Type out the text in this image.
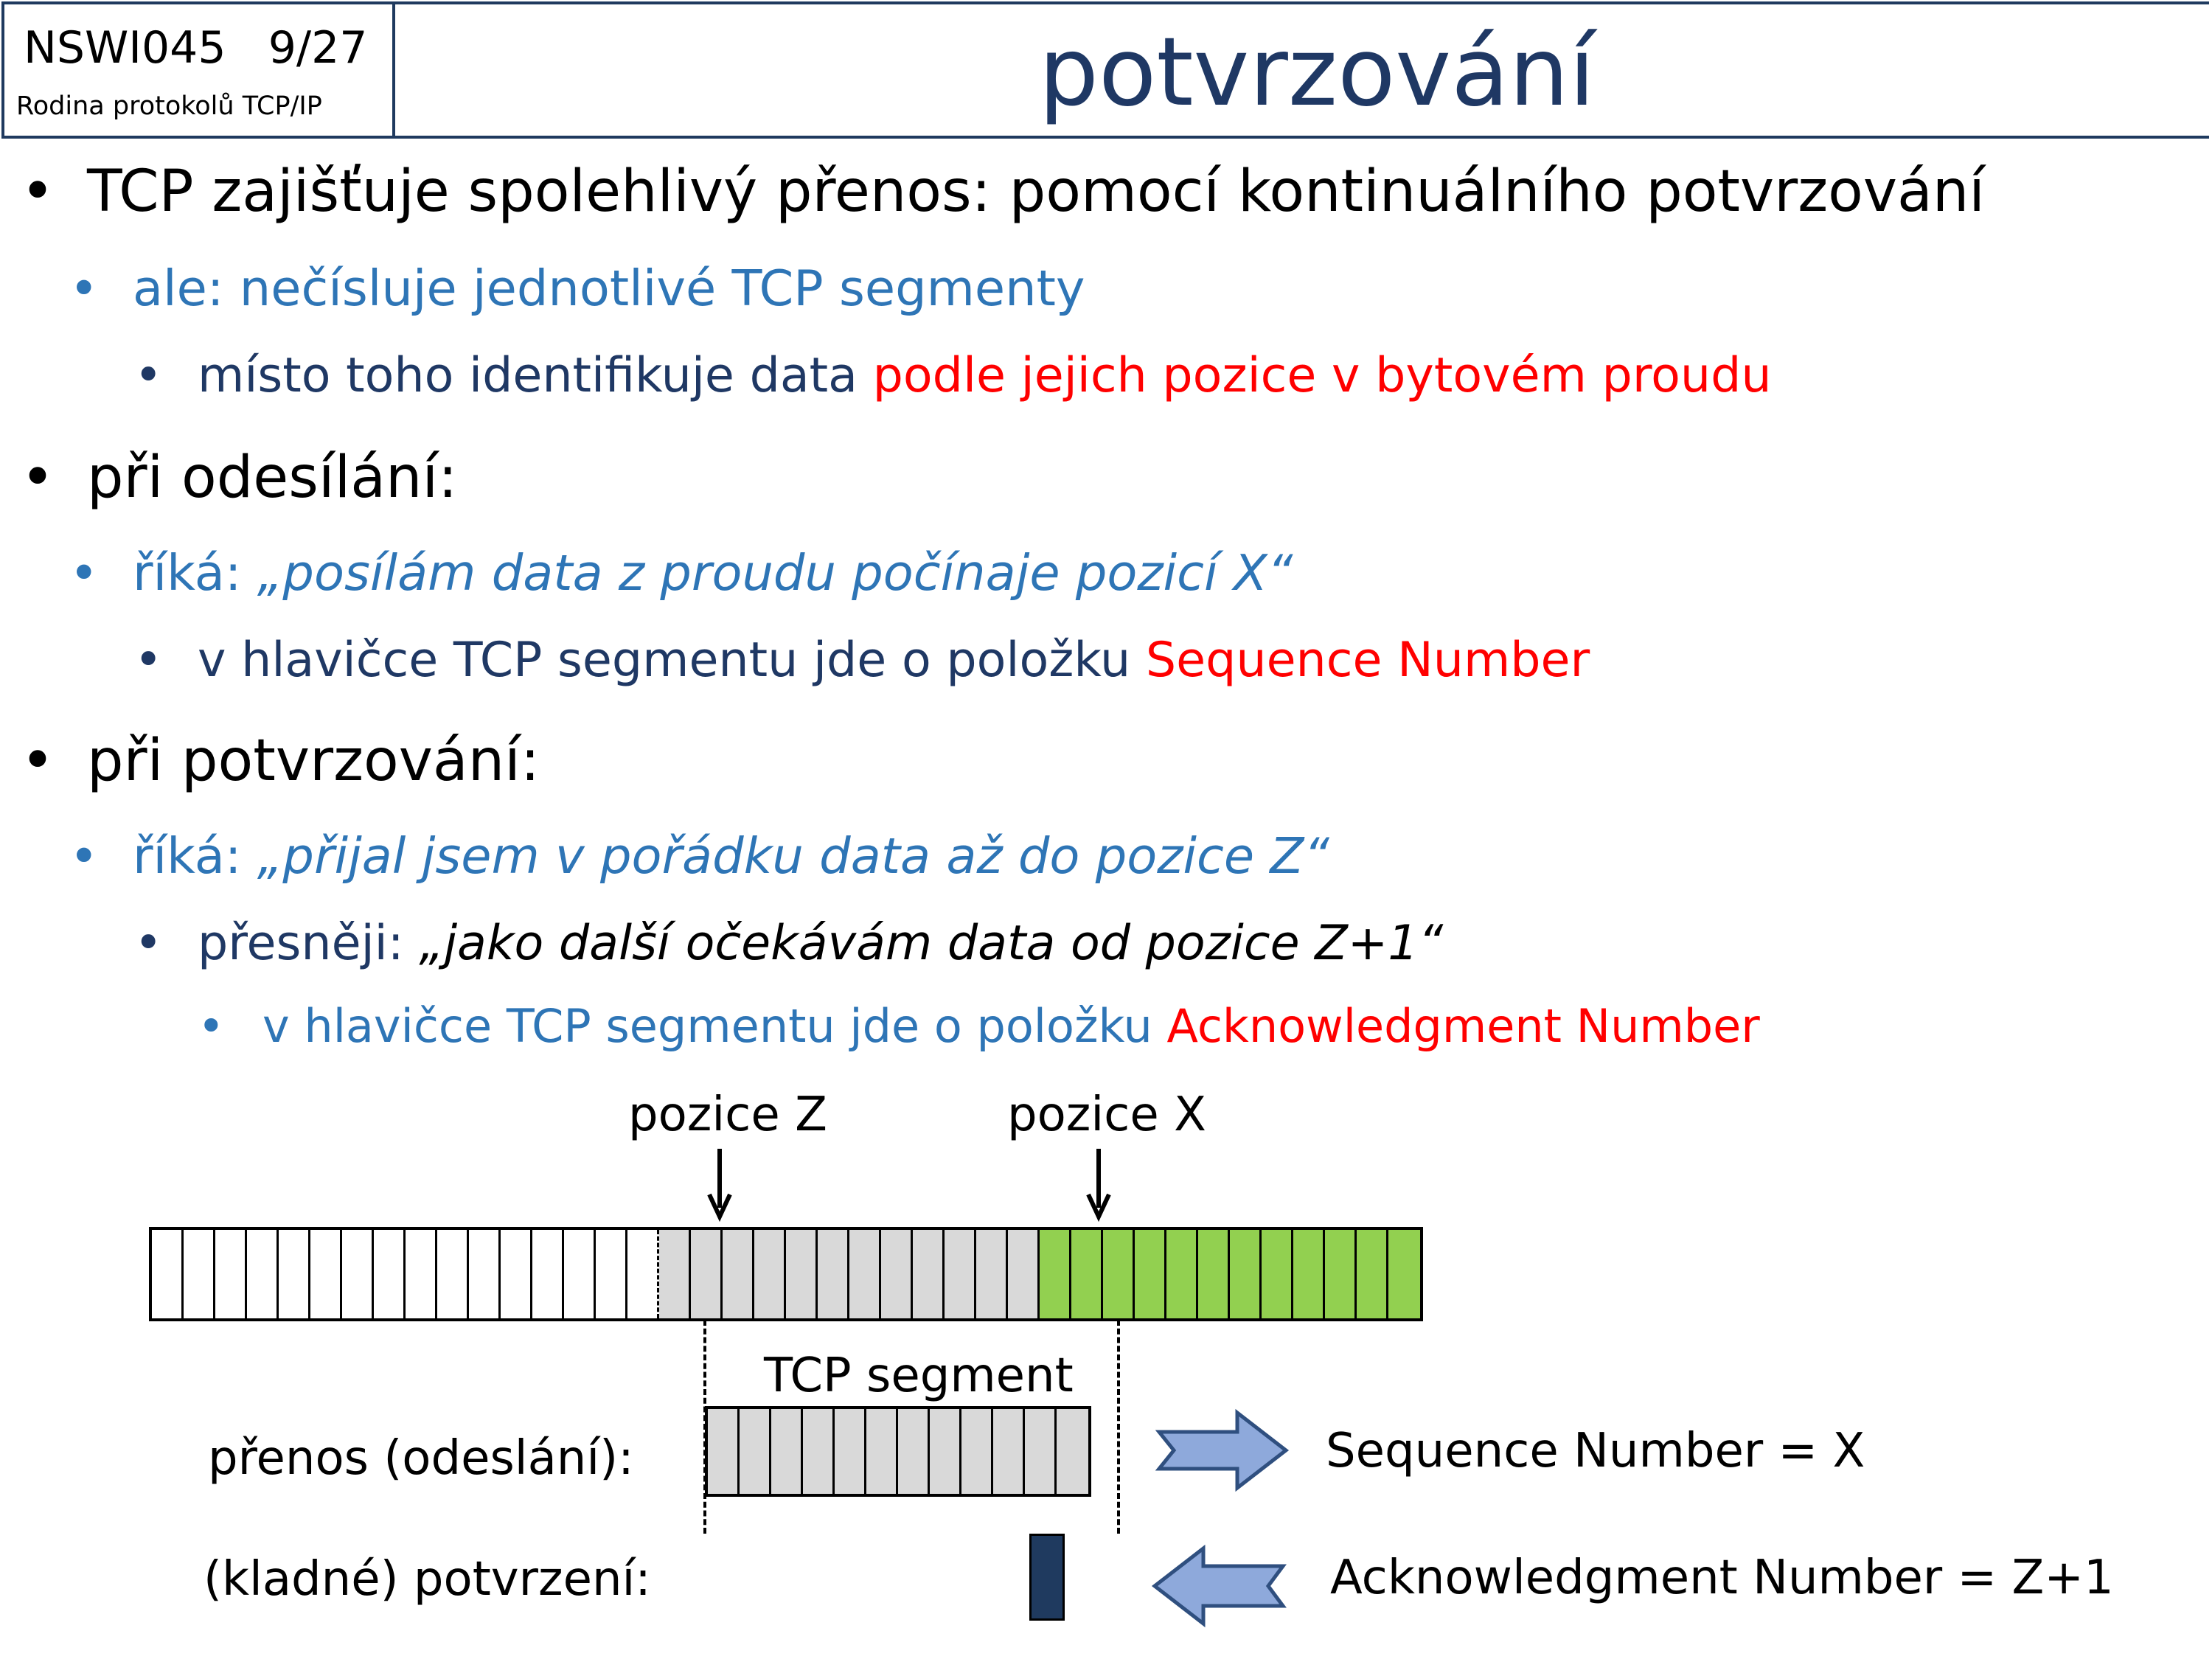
NSWI045 9/27
Rodina protokolů TCP/IP	potvrzování
• TCP zajišťuje spolehlivý přenos: pomocí kontinuálního potvrzování
• ale: nečísluje jednotlivé TCP segmenty
• místo toho identifikuje data podle jejich pozice v bytovém proudu
• při odesílání:
• říká: „posílám data z proudu počínaje pozicí X“
• v hlavičce TCP segmentu jde o položku Sequence Number
• při potvrzování:
• říká: „přijal jsem v pořádku data až do pozice Z“
• přesněji: „jako další očekávám data od pozice Z+1“
• v hlavičce TCP segmentu jde o položku Acknowledgment Number
pozice Z	pozice X
TCP segment
přenos (odeslání):
(kladné) potvrzení:
Sequence Number = X
Acknowledgment Number = Z+1
